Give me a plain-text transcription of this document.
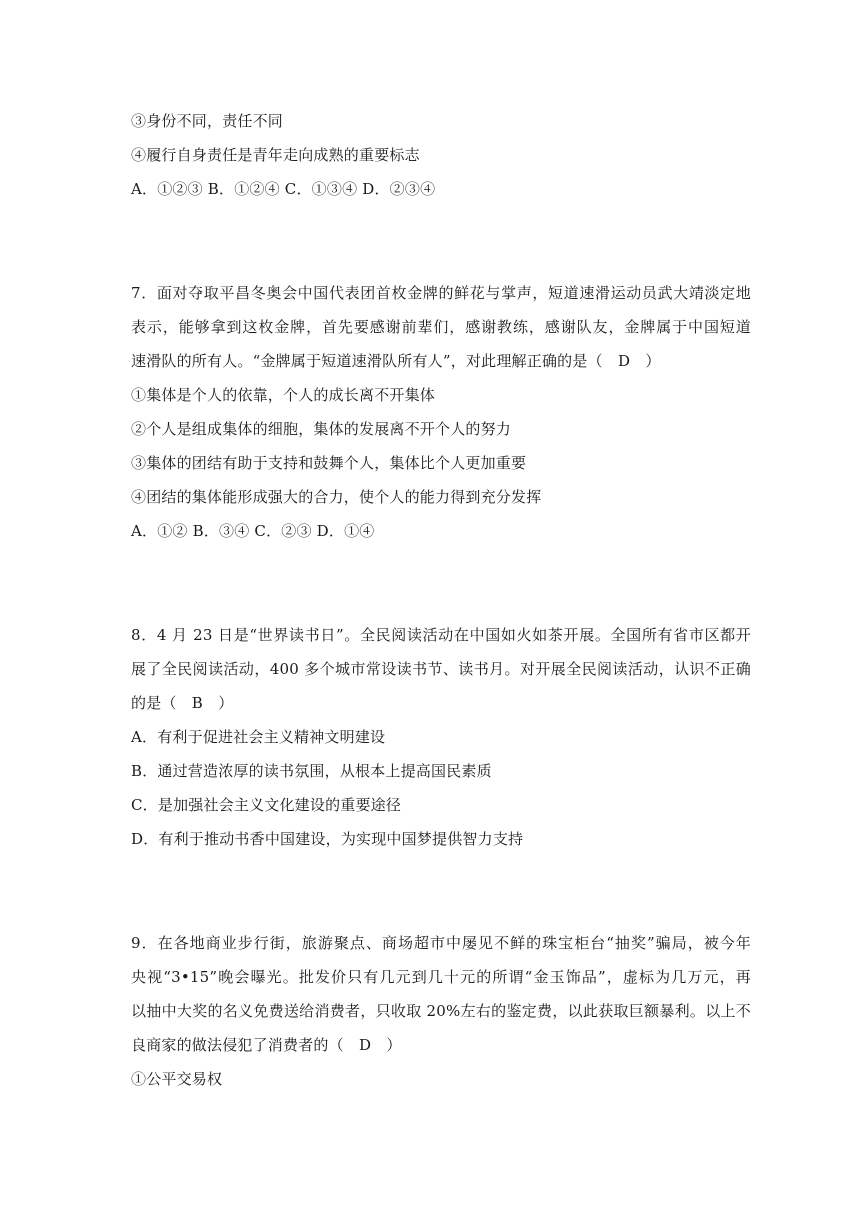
③身份不同，责任不同
④履行自身责任是青年走向成熟的重要标志
A．①②③ B．①②④ C．①③④ D．②③④
7．面对夺取平昌冬奥会中国代表团首枚金牌的鲜花与掌声，短道速滑运动员武大靖淡定地
表示，能够拿到这枚金牌，首先要感谢前辈们，感谢教练，感谢队友，金牌属于中国短道
速滑队的所有人。“金牌属于短道速滑队所有人”，对此理解正确的是（　D　）
①集体是个人的依靠，个人的成长离不开集体
②个人是组成集体的细胞，集体的发展离不开个人的努力
③集体的团结有助于支持和鼓舞个人，集体比个人更加重要
④团结的集体能形成强大的合力，使个人的能力得到充分发挥
A．①② B．③④ C．②③ D．①④
8．4 月 23 日是“世界读书日”。全民阅读活动在中国如火如茶开展。全国所有省市区都开
展了全民阅读活动，400 多个城市常设读书节、读书月。对开展全民阅读活动，认识不正确
的是（　B　）
A．有利于促进社会主义精神文明建设
B．通过营造浓厚的读书氛围，从根本上提高国民素质
C．是加强社会主义文化建设的重要途径
D．有利于推动书香中国建设，为实现中国梦提供智力支持
9．在各地商业步行街，旅游聚点、商场超市中屡见不鲜的珠宝柜台“抽奖”骗局，被今年
央视“3•15”晚会曝光。批发价只有几元到几十元的所谓“金玉饰品”，虚标为几万元，再
以抽中大奖的名义免费送给消费者，只收取 20%左右的鉴定费，以此获取巨额暴利。以上不
良商家的做法侵犯了消费者的（　D　）
①公平交易权
